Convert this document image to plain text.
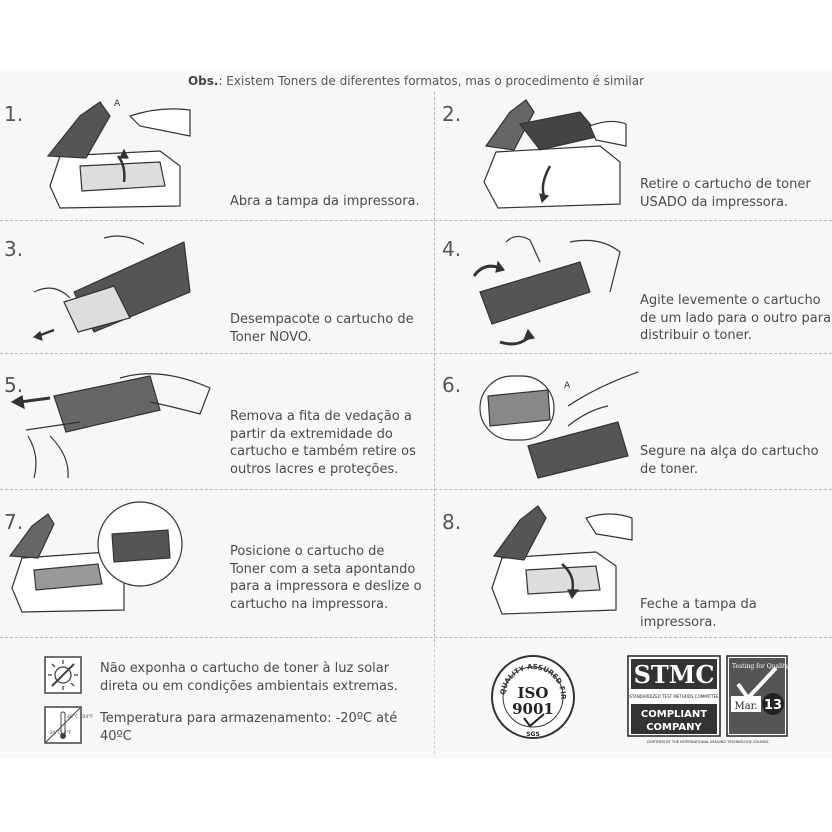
Obs.: Existem Toners de diferentes formatos, mas o procedimento é similar
1.	A
Abra a tampa da impressora.
2.
Retire o cartucho de toner
USADO da impressora.
3.
Desempacote o cartucho de
Toner NOVO.
4.
Agite levemente o cartucho
de um lado para o outro para
distribuir o toner.
5.
Remova a fita de vedação a
partir da extremidade do
cartucho e também retire os
outros lacres e proteções.
6.	A
Segure na alça do cartucho
de toner.
7.
Posicione o cartucho de
Toner com a seta apontando
para a impressora e deslize o
cartucho na impressora.
8.
Feche a tampa da impressora.
Não exponha o cartucho de toner à luz solar direta ou em condições ambientais extremas.
-20°C -4°F
40°C 104°F Temperatura para armazenamento: -20ºC até 40ºC
QUALITY ASSURED FIR
ISO
9001
SGS
STMC
STANDARDIZED TEST METHODS COMMITTEE
COMPLIANT
COMPANY
Testing for Quality
Mar. 13
CERTIFIED BY THE INTERNATIONAL IMAGING TECHNOLOGY COUNCIL
